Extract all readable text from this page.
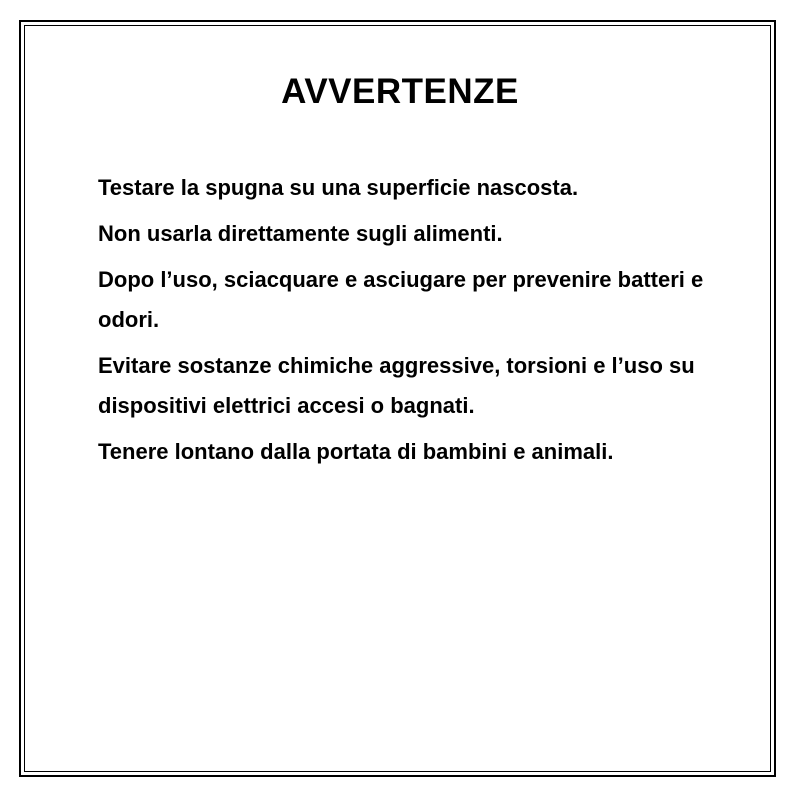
AVVERTENZE
Testare la spugna su una superficie nascosta.
Non usarla direttamente sugli alimenti.
Dopo l’uso, sciacquare e asciugare per prevenire batteri e odori.
Evitare sostanze chimiche aggressive, torsioni e l’uso su dispositivi elettrici accesi o bagnati.
Tenere lontano dalla portata di bambini e animali.
